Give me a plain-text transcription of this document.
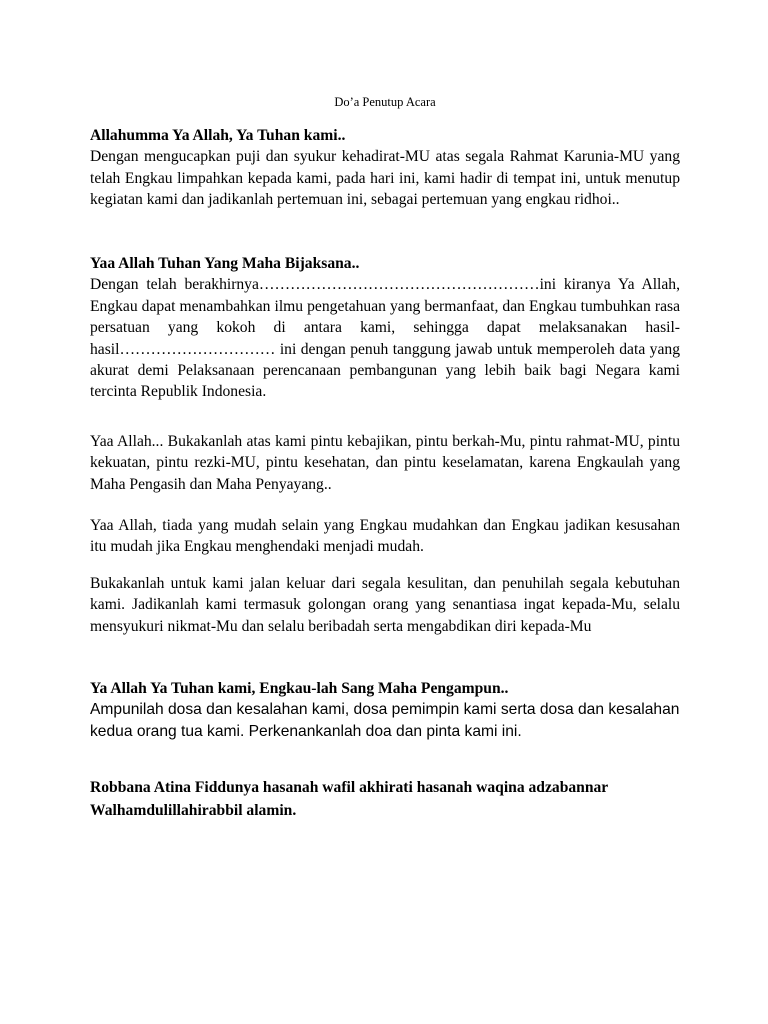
Do’a Penutup Acara
Allahumma Ya Allah, Ya Tuhan kami..
Dengan mengucapkan puji dan syukur kehadirat-MU atas segala Rahmat Karunia-MU yang telah Engkau limpahkan kepada kami, pada hari ini, kami hadir di tempat ini, untuk menutup kegiatan kami dan jadikanlah pertemuan ini, sebagai pertemuan yang engkau ridhoi..
Yaa Allah Tuhan Yang Maha Bijaksana..
Dengan telah berakhirnya………………………………………………ini kiranya Ya Allah, Engkau dapat menambahkan ilmu pengetahuan yang bermanfaat, dan Engkau tumbuhkan rasa persatuan yang kokoh di antara kami, sehingga dapat melaksanakan hasil-hasil………………………… ini dengan penuh tanggung jawab untuk memperoleh data yang akurat demi Pelaksanaan perencanaan pembangunan yang lebih baik bagi Negara kami tercinta Republik Indonesia.
Yaa Allah... Bukakanlah atas kami pintu kebajikan, pintu berkah-Mu, pintu rahmat-MU, pintu kekuatan, pintu rezki-MU, pintu kesehatan, dan pintu keselamatan, karena Engkaulah yang Maha Pengasih dan Maha Penyayang..
Yaa Allah, tiada yang mudah selain yang Engkau mudahkan dan Engkau jadikan kesusahan itu mudah jika Engkau menghendaki menjadi mudah.
Bukakanlah untuk kami jalan keluar dari segala kesulitan, dan penuhilah segala kebutuhan kami. Jadikanlah kami termasuk golongan orang yang senantiasa ingat kepada-Mu, selalu mensyukuri nikmat-Mu dan selalu beribadah serta mengabdikan diri kepada-Mu
Ya Allah Ya Tuhan kami, Engkau-lah Sang Maha Pengampun..
Ampunilah dosa dan kesalahan kami, dosa pemimpin kami serta dosa dan kesalahan kedua orang tua kami. Perkenankanlah doa dan pinta kami ini.
Robbana Atina Fiddunya hasanah wafil akhirati hasanah waqina adzabannar
Walhamdulillahirabbil alamin.
